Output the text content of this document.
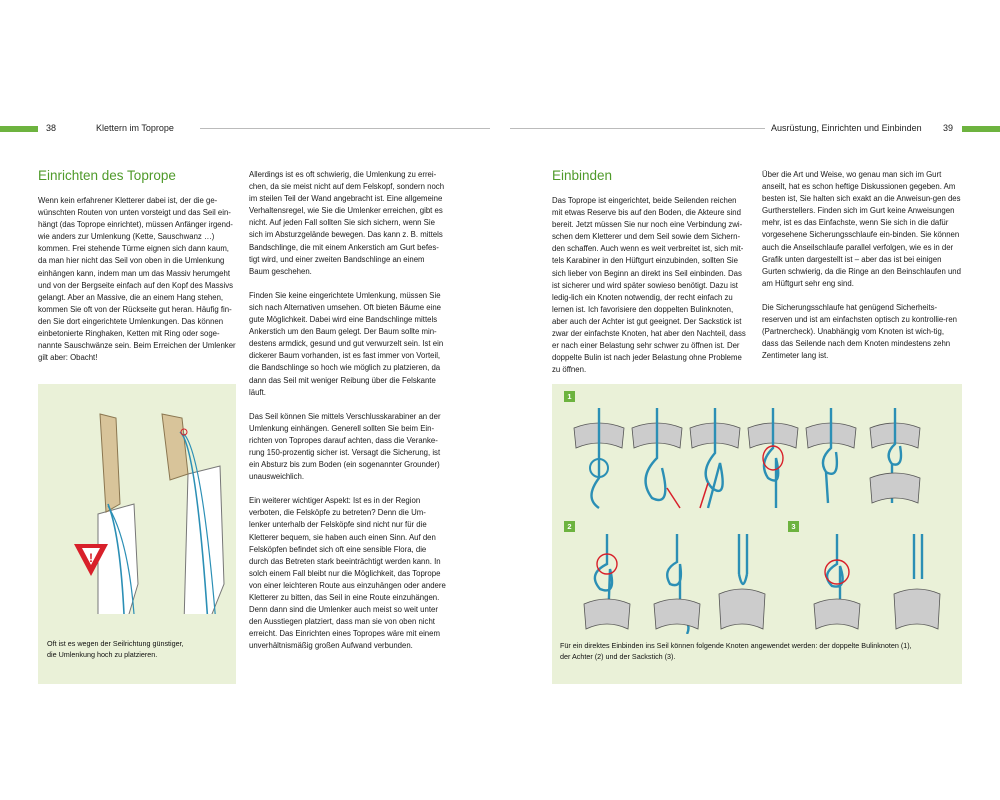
38	Klettern im Toprope	Ausrüstung, Einrichten und Einbinden 39
Einrichten des Toprope

Wenn kein erfahrener Kletterer dabei ist, der die ge-wünschten Routen von unten vorsteigt und das Seil ein-hängt (das Toprope einrichtet), müssen Anfänger irgend-wie anders zur Umlenkung (Kette, Sauschwanz …) kommen. Frei stehende Türme eignen sich dann kaum, da man hier nicht das Seil von oben in die Umlenkung einhängen kann, indem man um das Massiv herumgeht und von der Bergseite einfach auf den Kopf des Massivs gelangt. Aber an Massive, die an einem Hang stehen, kommen Sie oft von der Rückseite gut heran. Häufig fin-den Sie dort eingerichtete Umlenkungen. Das können einbetonierte Ringhaken, Ketten mit Ring oder soge-nannte Sauschwänze sein. Beim Erreichen der Umlenker gilt aber: Obacht!

!
Oft ist es wegen der Seilrichtung günstiger,
die Umlenkung hoch zu platzieren.

Allerdings ist es oft schwierig, die Umlenkung zu errei-chen, da sie meist nicht auf dem Felskopf, sondern noch im steilen Teil der Wand angebracht ist. Eine allgemeine Verhaltensregel, wie Sie die Umlenker erreichen, gibt es nicht. Auf jeden Fall sollten Sie sich sichern, wenn Sie sich im Absturzgelände bewegen. Das kann z. B. mittels Bandschlinge, die mit einem Ankerstich am Gurt befes-tigt wird, und einer zweiten Bandschlinge an einem Baum geschehen.

Finden Sie keine eingerichtete Umlenkung, müssen Sie sich nach Alternativen umsehen. Oft bieten Bäume eine gute Möglichkeit. Dabei wird eine Bandschlinge mittels Ankerstich um den Baum gelegt. Der Baum sollte min-destens armdick, gesund und gut verwurzelt sein. Ist ein dickerer Baum vorhanden, ist es fast immer von Vorteil, die Bandschlinge so hoch wie möglich zu platzieren, da dann das Seil mit weniger Reibung über die Felskante läuft.

Das Seil können Sie mittels Verschlusskarabiner an der Umlenkung einhängen. Generell sollten Sie beim Ein-richten von Topropes darauf achten, dass die Veranke-rung 150-prozentig sicher ist. Versagt die Sicherung, ist ein Absturz bis zum Boden (ein sogenannter Grounder) unausweichlich.

Ein weiterer wichtiger Aspekt: Ist es in der Region verboten, die Felsköpfe zu betreten? Denn die Um-lenker unterhalb der Felsköpfe sind nicht nur für die Kletterer bequem, sie haben auch einen Sinn. Auf den Felsköpfen befindet sich oft eine sensible Flora, die durch das Betreten stark beeinträchtigt werden kann. In solch einem Fall bleibt nur die Möglichkeit, das Toprope von einer leichteren Route aus einzuhängen oder andere Kletterer zu bitten, das Seil in eine Route einzuhängen. Denn dann sind die Umlenker auch meist so weit unter den Ausstiegen platziert, dass man sie von oben nicht erreicht. Das Einrichten eines Topropes wäre mit einem unverhältnismäßig großen Aufwand verbunden.

Einbinden

Das Toprope ist eingerichtet, beide Seilenden reichen mit etwas Reserve bis auf den Boden, die Akteure sind bereit. Jetzt müssen Sie nur noch eine Verbindung zwi-schen dem Kletterer und dem Seil sowie dem Sichern-den schaffen. Auch wenn es weit verbreitet ist, sich mit-tels Karabiner in den Hüftgurt einzubinden, sollten Sie sich lieber von Beginn an direkt ins Seil einbinden. Das ist sicherer und wird später sowieso benötigt. Dazu ist ledig-lich ein Knoten notwendig, der recht einfach zu lernen ist. Ich favorisiere den doppelten Bulinknoten, aber auch der Achter ist gut geeignet. Der Sackstick ist zwar der einfachste Knoten, hat aber den Nachteil, dass er nach einer Belastung sehr schwer zu öffnen ist. Der doppelte Bulin ist nach jeder Belastung ohne Probleme zu öffnen.

Über die Art und Weise, wo genau man sich im Gurt anseilt, hat es schon heftige Diskussionen gegeben. Am besten ist, Sie halten sich exakt an die Anweisun-gen des Gurtherstellers. Finden sich im Gurt keine Anweisungen mehr, ist es das Einfachste, wenn Sie sich in die dafür vorgesehene Sicherungsschlaufe ein-binden. Sie können auch die Anseilschlaufe parallel verfolgen, wie es in der Grafik unten dargestellt ist – aber das ist bei einigen Gurten schwierig, da die Ringe an den Beinschlaufen und am Hüftgurt sehr eng sind.

Die Sicherungsschlaufe hat genügend Sicherheits-reserven und ist am einfachsten optisch zu kontrollie-ren (Partnercheck). Unabhängig vom Knoten ist wich-tig, dass das Seilende nach dem Knoten mindestens zehn Zentimeter lang ist.

1
2	3
Für ein direktes Einbinden ins Seil können folgende Knoten angewendet werden: der doppelte Bulinknoten (1),
der Achter (2) und der Sackstich (3).
